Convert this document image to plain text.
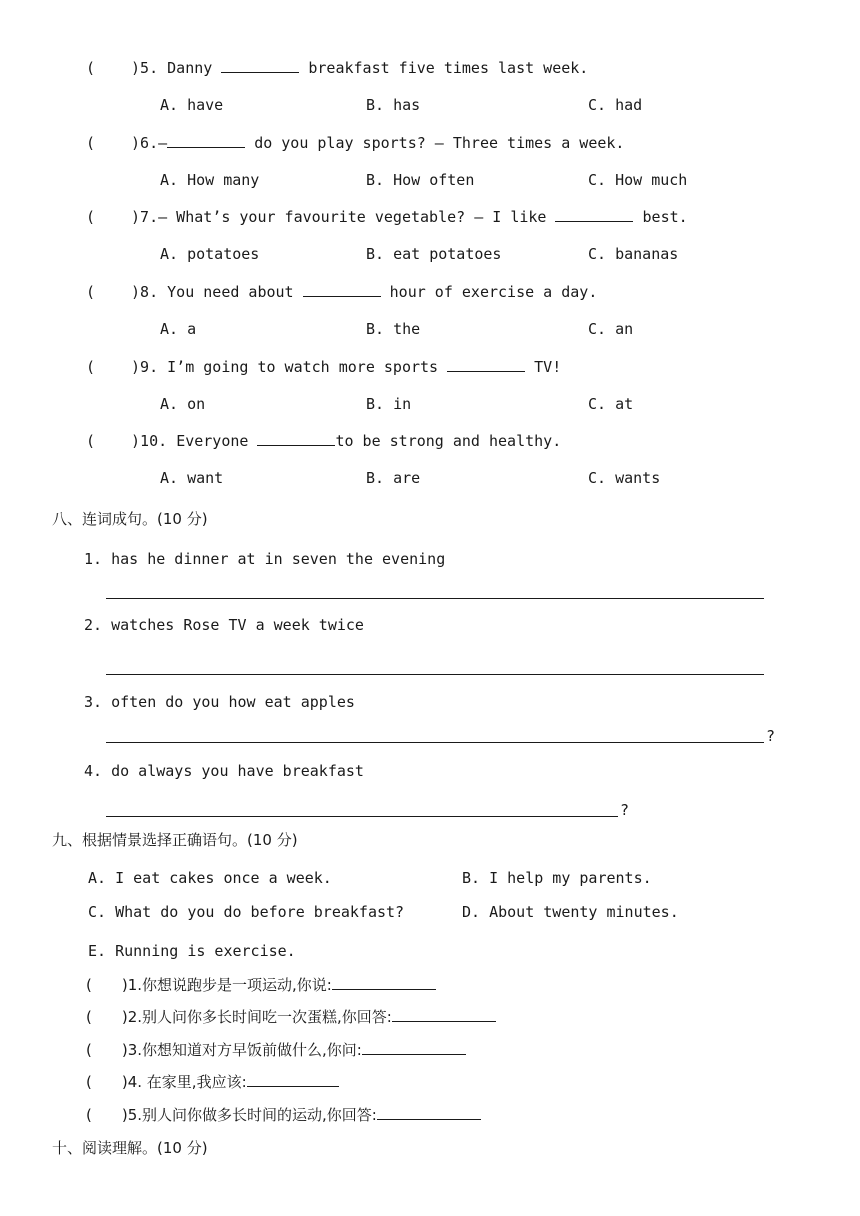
( )5. Danny	breakfast five times last week.
A. have	B. has	C. had
( )6.—	do you play sports? — Three times a week.
A. How many	B. How often	C. How much
( )7.— What’s your favourite vegetable? — I like	best.
A. potatoes	B. eat potatoes	C. bananas
( )8. You need about	hour of exercise a day.
A. a	B. the	C. an
( )9. I’m going to watch more sports	TV!
A. on	B. in	C. at
( )10. Everyone	to be strong and healthy.
A. want	B. are	C. wants
八、连词成句。(10 分)
1. has he dinner at in seven the evening
2. watches Rose TV a week twice
3. often do you how eat apples
?
4. do always you have breakfast
?
九、根据情景选择正确语句。(10 分)
A. I eat cakes once a week.	B. I help my parents.
C. What do you do before breakfast?	D. About twenty minutes.
E. Running is exercise.
( )1.你想说跑步是一项运动,你说:
( )2.别人问你多长时间吃一次蛋糕,你回答:
( )3.你想知道对方早饭前做什么,你问:
( )4. 在家里,我应该:
( )5.别人问你做多长时间的运动,你回答:
十、阅读理解。(10 分)
